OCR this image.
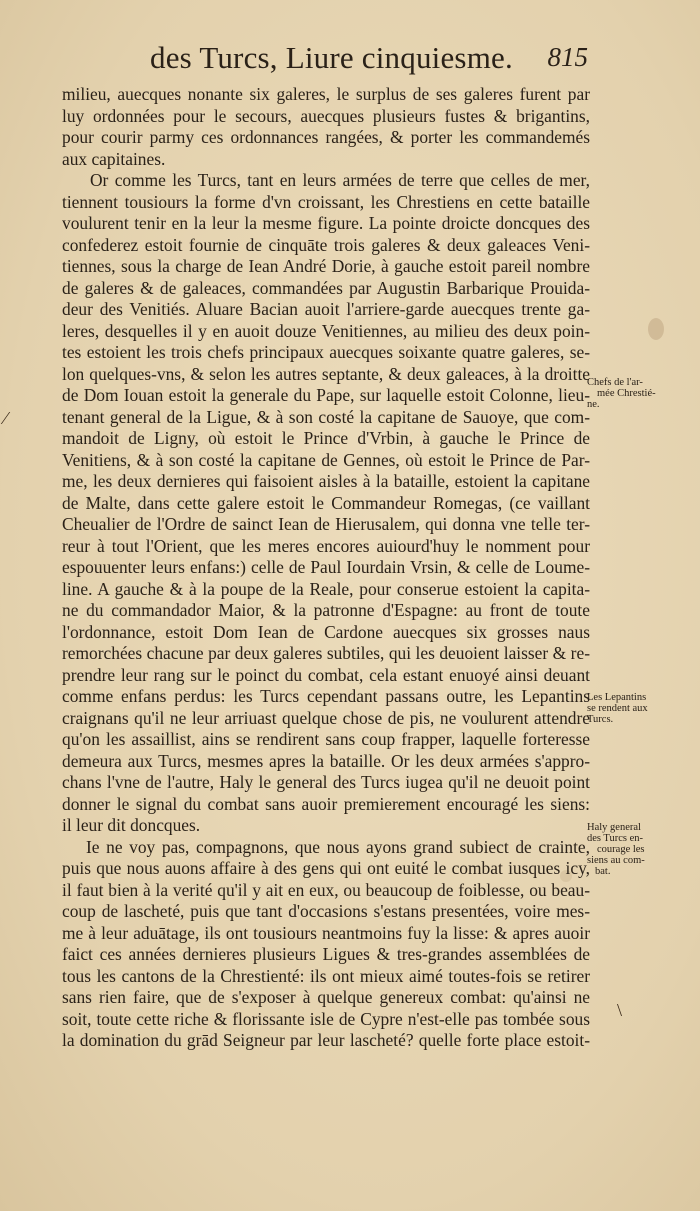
⁄
\
des Turcs, Liure cinquiesme. 815
milieu, auecques nonante six galeres, le surplus de ses galeres furent par
luy ordonnées pour le secours, auecques plusieurs fustes & brigantins,
pour courir parmy ces ordonnances rangées, & porter les commandemés
aux capitaines.
Or comme les Turcs, tant en leurs armées de terre que celles de mer,
tiennent tousiours la forme d'vn croissant, les Chrestiens en cette bataille
voulurent tenir en la leur la mesme figure. La pointe droicte doncques des
confederez estoit fournie de cinquāte trois galeres & deux galeaces Veni-
tiennes, sous la charge de Iean André Dorie, à gauche estoit pareil nombre
de galeres & de galeaces, commandées par Augustin Barbarique Prouida-
deur des Venitiés. Aluare Bacian auoit l'arriere-garde auecques trente ga-
leres, desquelles il y en auoit douze Venitiennes, au milieu des deux poin-
tes estoient les trois chefs principaux auecques soixante quatre galeres, se-
lon quelques-vns, & selon les autres septante, & deux galeaces, à la droitte
de Dom Iouan estoit la generale du Pape, sur laquelle estoit Colonne, lieu-
tenant general de la Ligue, & à son costé la capitane de Sauoye, que com-
mandoit de Ligny, où estoit le Prince d'Vrbin, à gauche le Prince de
Venitiens, & à son costé la capitane de Gennes, où estoit le Prince de Par-
me, les deux dernieres qui faisoient aisles à la bataille, estoient la capitane
de Malte, dans cette galere estoit le Commandeur Romegas, (ce vaillant
Cheualier de l'Ordre de sainct Iean de Hierusalem, qui donna vne telle ter-
reur à tout l'Orient, que les meres encores auiourd'huy le nomment pour
espouuenter leurs enfans:) celle de Paul Iourdain Vrsin, & celle de Loume-
line. A gauche & à la poupe de la Reale, pour conserue estoient la capita-
ne du commandador Maior, & la patronne d'Espagne: au front de toute
l'ordonnance, estoit Dom Iean de Cardone auecques six grosses naus
remorchées chacune par deux galeres subtiles, qui les deuoient laisser & re-
prendre leur rang sur le poinct du combat, cela estant enuoyé ainsi deuant
comme enfans perdus: les Turcs cependant passans outre, les Lepantins
craignans qu'il ne leur arriuast quelque chose de pis, ne voulurent attendre
qu'on les assaillist, ains se rendirent sans coup frapper, laquelle forteresse
demeura aux Turcs, mesmes apres la bataille. Or les deux armées s'appro-
chans l'vne de l'autre, Haly le general des Turcs iugea qu'il ne deuoit point
donner le signal du combat sans auoir premierement encouragé les siens:
il leur dit doncques.
Ie ne voy pas, compagnons, que nous ayons grand subiect de crainte,
puis que nous auons affaire à des gens qui ont euité le combat iusques icy,
il faut bien à la verité qu'il y ait en eux, ou beaucoup de foiblesse, ou beau-
coup de lascheté, puis que tant d'occasions s'estans presentées, voire mes-
me à leur aduātage, ils ont tousiours neantmoins fuy la lisse: & apres auoir
faict ces années dernieres plusieurs Ligues & tres-grandes assemblées de
tous les cantons de la Chrestienté: ils ont mieux aimé toutes-fois se retirer
sans rien faire, que de s'exposer à quelque genereux combat: qu'ainsi ne
soit, toute cette riche & florissante isle de Cypre n'est-elle pas tombée sous
la domination du grād Seigneur par leur lascheté? quelle forte place estoit-
Chefs de l'ar-
mée Chrestié-
ne.
Les Lepantins
se rendent aux
Turcs.
Haly general
des Turcs en-
courage les
siens au com-
bat.
